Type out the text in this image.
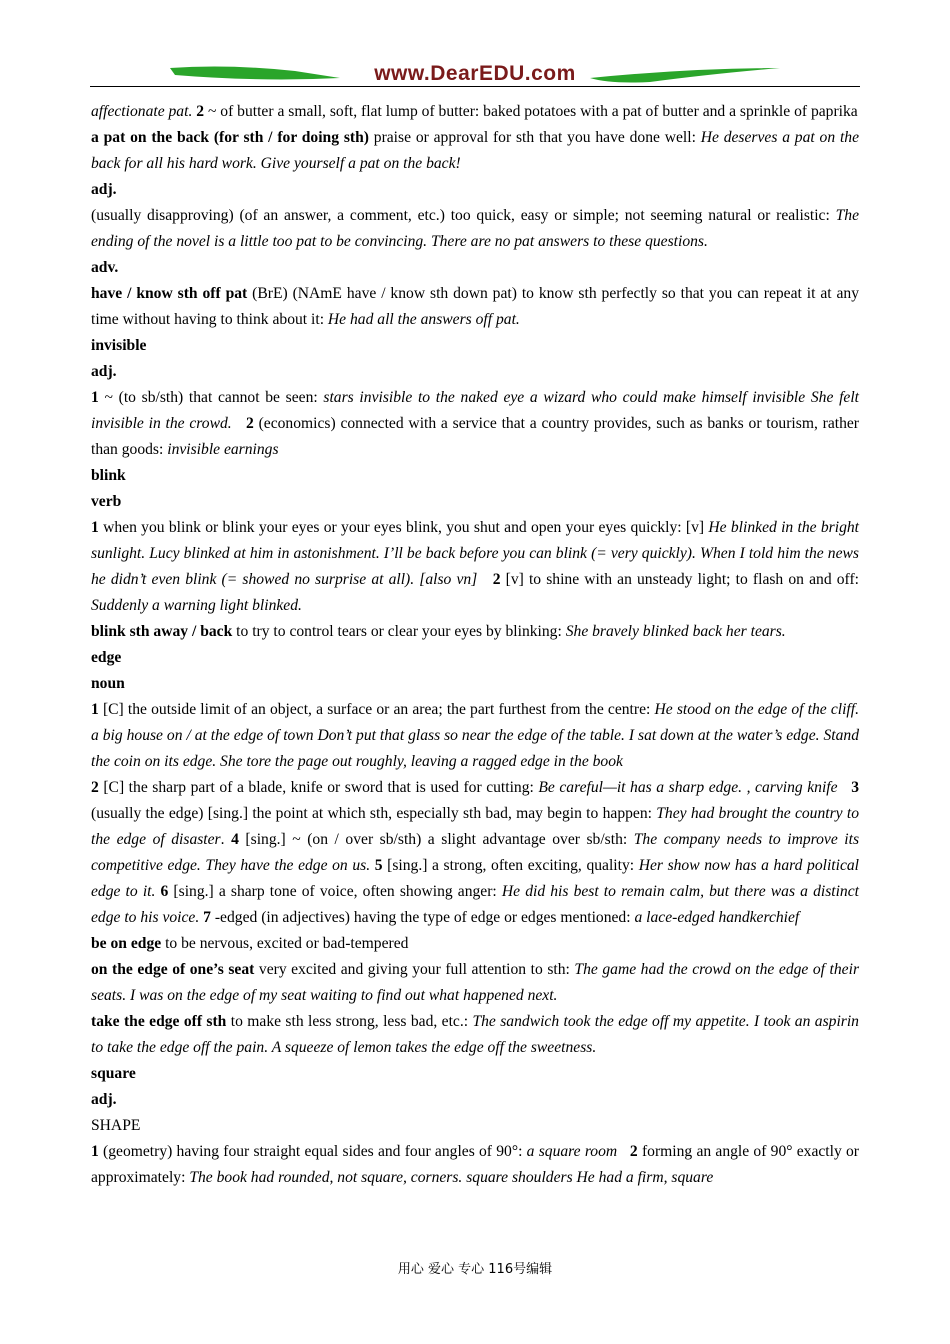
www.DearEDU.com

affectionate pat. 2 ~ of butter a small, soft, flat lump of butter: baked potatoes with a pat of butter and a sprinkle of paprika

a pat on the back (for sth / for doing sth) praise or approval for sth that you have done well: He deserves a pat on the back for all his hard work. Give yourself a pat on the back!

adj.

(usually disapproving) (of an answer, a comment, etc.) too quick, easy or simple; not seeming natural or realistic: The ending of the novel is a little too pat to be convincing. There are no pat answers to these questions.

adv.

have / know sth off pat (BrE) (NAmE have / know sth down pat) to know sth perfectly so that you can repeat it at any time without having to think about it: He had all the answers off pat.

invisible

adj.

1 ~ (to sb/sth) that cannot be seen: stars invisible to the naked eye a wizard who could make himself invisible She felt invisible in the crowd. 2 (economics) connected with a service that a country provides, such as banks or tourism, rather than goods: invisible earnings

blink

verb

1 when you blink or blink your eyes or your eyes blink, you shut and open your eyes quickly: [v] He blinked in the bright sunlight. Lucy blinked at him in astonishment. I’ll be back before you can blink (= very quickly). When I told him the news he didn’t even blink (= showed no surprise at all). [also vn] 2 [v] to shine with an unsteady light; to flash on and off: Suddenly a warning light blinked.

blink sth away / back to try to control tears or clear your eyes by blinking: She bravely blinked back her tears.

edge

noun

1 [C] the outside limit of an object, a surface or an area; the part furthest from the centre: He stood on the edge of the cliff. a big house on / at the edge of town Don’t put that glass so near the edge of the table. I sat down at the water’s edge. Stand the coin on its edge. She tore the page out roughly, leaving a ragged edge in the book

2 [C] the sharp part of a blade, knife or sword that is used for cutting: Be careful—it has a sharp edge. , carving knife 3 (usually the edge) [sing.] the point at which sth, especially sth bad, may begin to happen: They had brought the country to the edge of disaster. 4 [sing.] ~ (on / over sb/sth) a slight advantage over sb/sth: The company needs to improve its competitive edge. They have the edge on us. 5 [sing.] a strong, often exciting, quality: Her show now has a hard political edge to it. 6 [sing.] a sharp tone of voice, often showing anger: He did his best to remain calm, but there was a distinct edge to his voice. 7 -edged (in adjectives) having the type of edge or edges mentioned: a lace-edged handkerchief

be on edge to be nervous, excited or bad-tempered

on the edge of one’s seat very excited and giving your full attention to sth: The game had the crowd on the edge of their seats. I was on the edge of my seat waiting to find out what happened next.

take the edge off sth to make sth less strong, less bad, etc.: The sandwich took the edge off my appetite. I took an aspirin to take the edge off the pain. A squeeze of lemon takes the edge off the sweetness.

square

adj.

SHAPE

1 (geometry) having four straight equal sides and four angles of 90°: a square room 2 forming an angle of 90° exactly or approximately: The book had rounded, not square, corners. square shoulders He had a firm, square

用心 爱心 专心 116号编辑
